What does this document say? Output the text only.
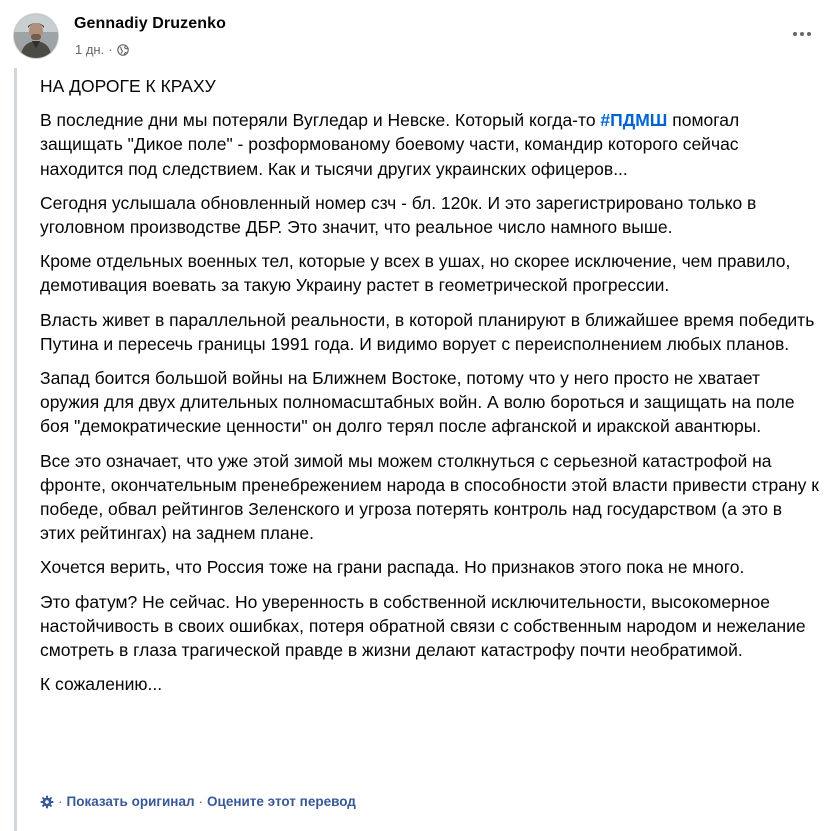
Gennadiy Druzenko
1 дн. ·

НА ДОРОГЕ К КРАХУ

В последние дни мы потеряли Вугледар и Невске. Который когда-то #ПДМШ помогал защищать "Дикое поле" - розформованому боевому части, командир которого сейчас находится под следствием. Как и тысячи других украинских офицеров...

Сегодня услышала обновленный номер сзч - бл. 120к. И это зарегистрировано только в уголовном производстве ДБР. Это значит, что реальное число намного выше.

Кроме отдельных военных тел, которые у всех в ушах, но скорее исключение, чем правило, демотивация воевать за такую Украину растет в геометрической прогрессии.

Власть живет в параллельной реальности, в которой планируют в ближайшее время победить Путина и пересечь границы 1991 года. И видимо ворует с переисполнением любых планов.

Запад боится большой войны на Ближнем Востоке, потому что у него просто не хватает оружия для двух длительных полномасштабных войн. А волю бороться и защищать на поле боя "демократические ценности" он долго терял после афганской и иракской авантюры.

Все это означает, что уже этой зимой мы можем столкнуться с серьезной катастрофой на фронте, окончательным пренебрежением народа в способности этой власти привести страну к победе, обвал рейтингов Зеленского и угроза потерять контроль над государством (а это в этих рейтингах) на заднем плане.

Хочется верить, что Россия тоже на грани распада. Но признаков этого пока не много.

Это фатум? Не сейчас. Но уверенность в собственной исключительности, высокомерное настойчивость в своих ошибках, потеря обратной связи с собственным народом и нежелание смотреть в глаза трагической правде в жизни делают катастрофу почти необратимой.

К сожалению...

· Показать оригинал · Оцените этот перевод
